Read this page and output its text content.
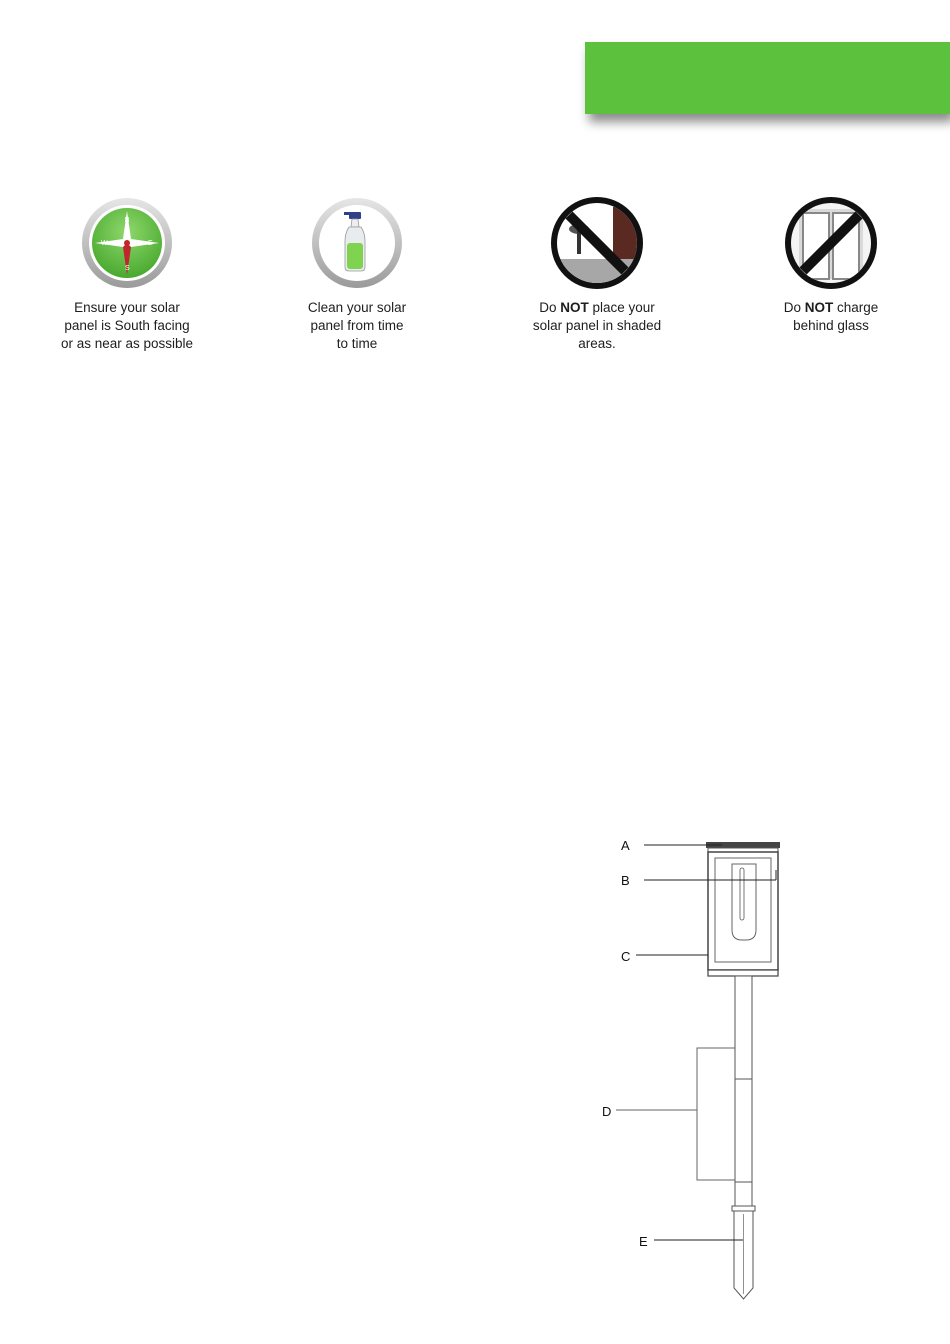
W	E
N
S
Ensure your solar
panel is South facing
or as near as possible
Clean your solar
panel from time
to time
Do NOT place your
solar panel in shaded
areas.
Do NOT charge
behind glass
A
B
C
D
E
